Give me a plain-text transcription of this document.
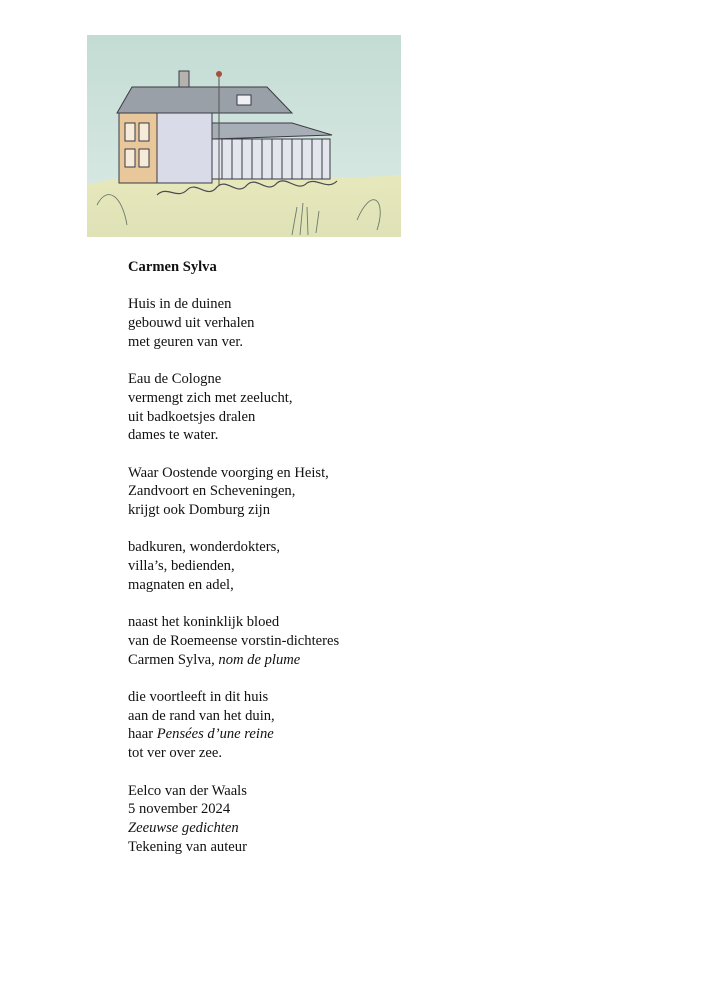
Carmen Sylva
Huis in de duinen
gebouwd uit verhalen
met geuren van ver.
Eau de Cologne
vermengt zich met zeelucht,
uit badkoetsjes dralen
dames te water.
Waar Oostende voorging en Heist,
Zandvoort en Scheveningen,
krijgt ook Domburg zijn
badkuren, wonderdokters,
villa’s, bedienden,
magnaten en adel,
naast het koninklijk bloed
van de Roemeense vorstin-dichteres
Carmen Sylva, nom de plume
die voortleeft in dit huis
aan de rand van het duin,
haar Pensées d’une reine
tot ver over zee.
Eelco van der Waals
5 november 2024
Zeeuwse gedichten
Tekening van auteur
